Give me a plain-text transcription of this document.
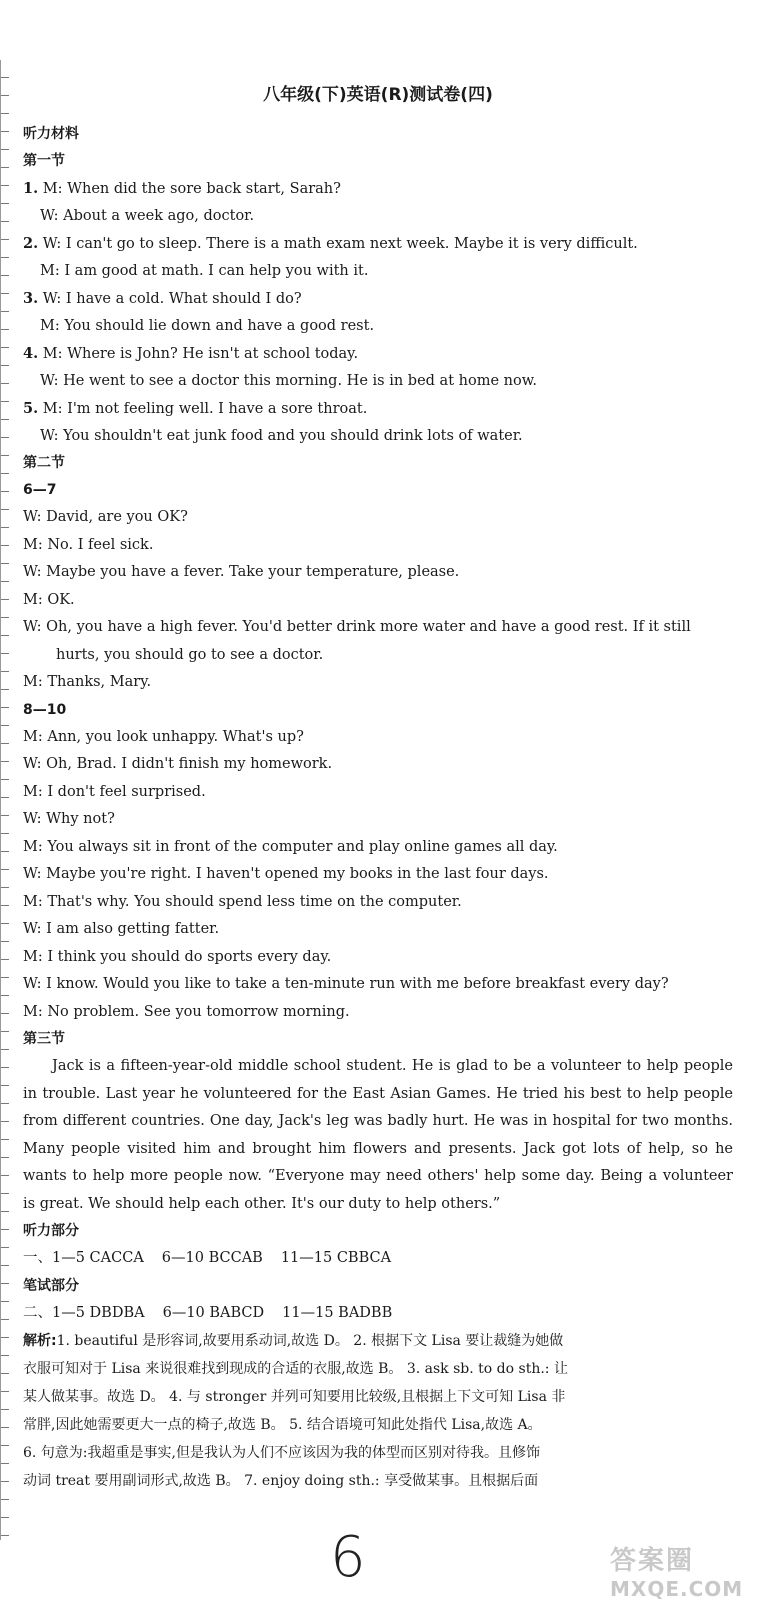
八年级(下)英语(R)测试卷(四)
听力材料
第一节
1. M: When did the sore back start, Sarah?
W: About a week ago, doctor.
2. W: I can't go to sleep. There is a math exam next week. Maybe it is very difficult.
M: I am good at math. I can help you with it.
3. W: I have a cold. What should I do?
M: You should lie down and have a good rest.
4. M: Where is John? He isn't at school today.
W: He went to see a doctor this morning. He is in bed at home now.
5. M: I'm not feeling well. I have a sore throat.
W: You shouldn't eat junk food and you should drink lots of water.
第二节
6—7
W: David, are you OK?
M: No. I feel sick.
W: Maybe you have a fever. Take your temperature, please.
M: OK.
W: Oh, you have a high fever. You'd better drink more water and have a good rest. If it still
hurts, you should go to see a doctor.
M: Thanks, Mary.
8—10
M: Ann, you look unhappy. What's up?
W: Oh, Brad. I didn't finish my homework.
M: I don't feel surprised.
W: Why not?
M: You always sit in front of the computer and play online games all day.
W: Maybe you're right. I haven't opened my books in the last four days.
M: That's why. You should spend less time on the computer.
W: I am also getting fatter.
M: I think you should do sports every day.
W: I know. Would you like to take a ten-minute run with me before breakfast every day?
M: No problem. See you tomorrow morning.
第三节

Jack is a fifteen-year-old middle school student. He is glad to be a volunteer to help people in trouble. Last year he volunteered for the East Asian Games. He tried his best to help people from different countries. One day, Jack's leg was badly hurt. He was in hospital for two months. Many people visited him and brought him flowers and presents. Jack got lots of help, so he wants to help more people now. “Everyone may need others' help some day. Being a volunteer is great. We should help each other. It's our duty to help others.”

听力部分
一、1—5 CACCA 6—10 BCCAB 11—15 CBBCA
笔试部分
二、1—5 DBDBA 6—10 BABCD 11—15 BADBB

解析:1. beautiful 是形容词,故要用系动词,故选 D。 2. 根据下文 Lisa 要让裁缝为她做

衣服可知对于 Lisa 来说很难找到现成的合适的衣服,故选 B。 3. ask sb. to do sth.: 让

某人做某事。故选 D。 4. 与 stronger 并列可知要用比较级,且根据上下文可知 Lisa 非

常胖,因此她需要更大一点的椅子,故选 B。 5. 结合语境可知此处指代 Lisa,故选 A。

6. 句意为:我超重是事实,但是我认为人们不应该因为我的体型而区别对待我。且修饰

动词 treat 要用副词形式,故选 B。 7. enjoy doing sth.: 享受做某事。且根据后面

6	答案圈
MXQE.COM
